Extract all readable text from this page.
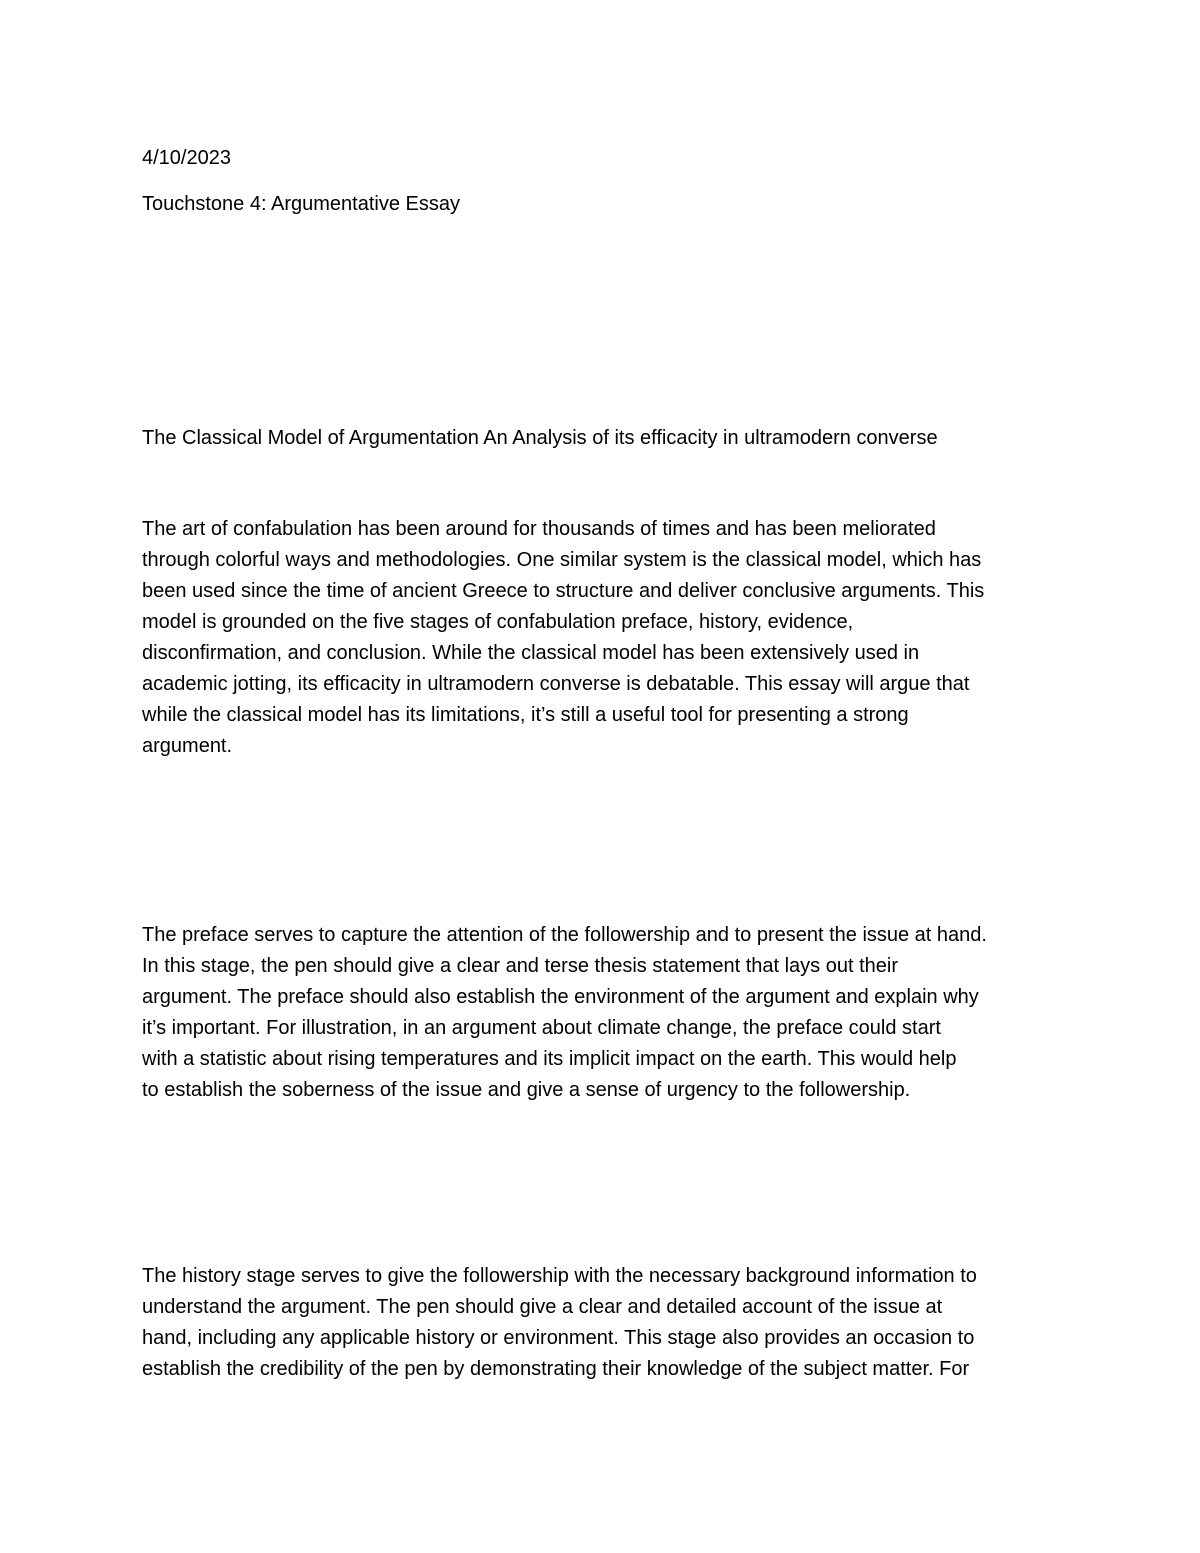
4/10/2023

Touchstone 4: Argumentative Essay

The Classical Model of Argumentation An Analysis of its efficacity in ultramodern converse

The art of confabulation has been around for thousands of times and has been meliorated
through colorful ways and methodologies. One similar system is the classical model, which has
been used since the time of ancient Greece to structure and deliver conclusive arguments. This
model is grounded on the five stages of confabulation preface, history, evidence,
disconfirmation, and conclusion. While the classical model has been extensively used in
academic jotting, its efficacity in ultramodern converse is debatable. This essay will argue that
while the classical model has its limitations, it’s still a useful tool for presenting a strong
argument.
The preface serves to capture the attention of the followership and to present the issue at hand.
In this stage, the pen should give a clear and terse thesis statement that lays out their
argument. The preface should also establish the environment of the argument and explain why
it’s important. For illustration, in an argument about climate change, the preface could start
with a statistic about rising temperatures and its implicit impact on the earth. This would help
to establish the soberness of the issue and give a sense of urgency to the followership.
The history stage serves to give the followership with the necessary background information to
understand the argument. The pen should give a clear and detailed account of the issue at
hand, including any applicable history or environment. This stage also provides an occasion to
establish the credibility of the pen by demonstrating their knowledge of the subject matter. For
